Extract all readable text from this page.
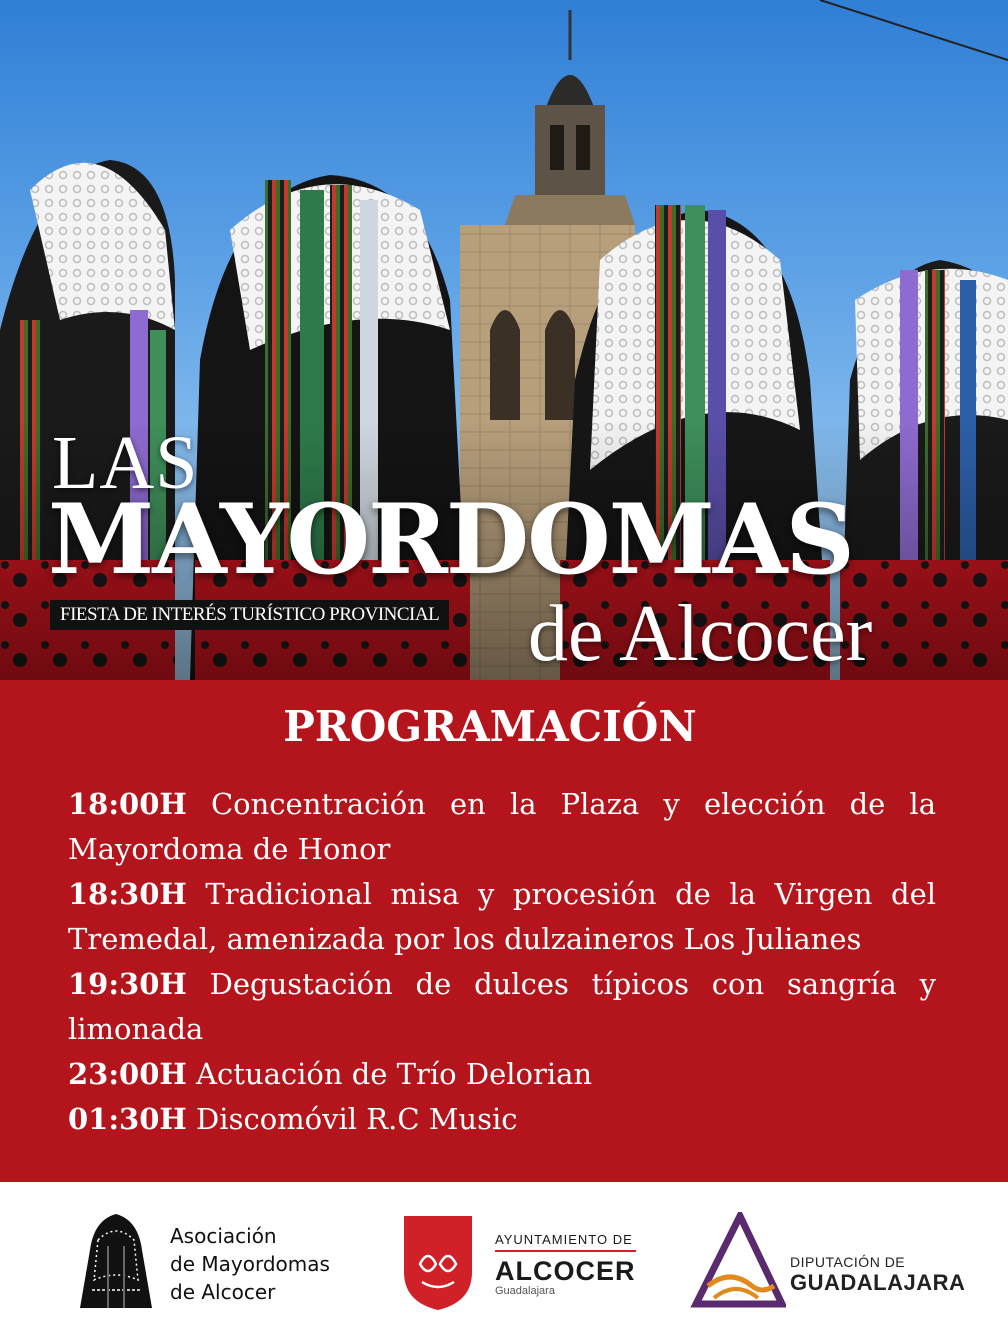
LAS
MAYORDOMAS
FIESTA DE INTERÉS TURÍSTICO PROVINCIAL de Alcocer
PROGRAMACIÓN
18:00H Concentración en la Plaza y elección de la Mayordoma de Honor
18:30H Tradicional misa y procesión de la Virgen del Tremedal, amenizada por los dulzaineros Los Julianes
19:30H Degustación de dulces típicos con sangría y limonada
23:00H Actuación de Trío Delorian
01:30H Discomóvil R.C Music
Asociación
de Mayordomas
de Alcocer
AYUNTAMIENTO DE
ALCOCER
Guadalajara
DIPUTACIÓN DE
GUADALAJARA
